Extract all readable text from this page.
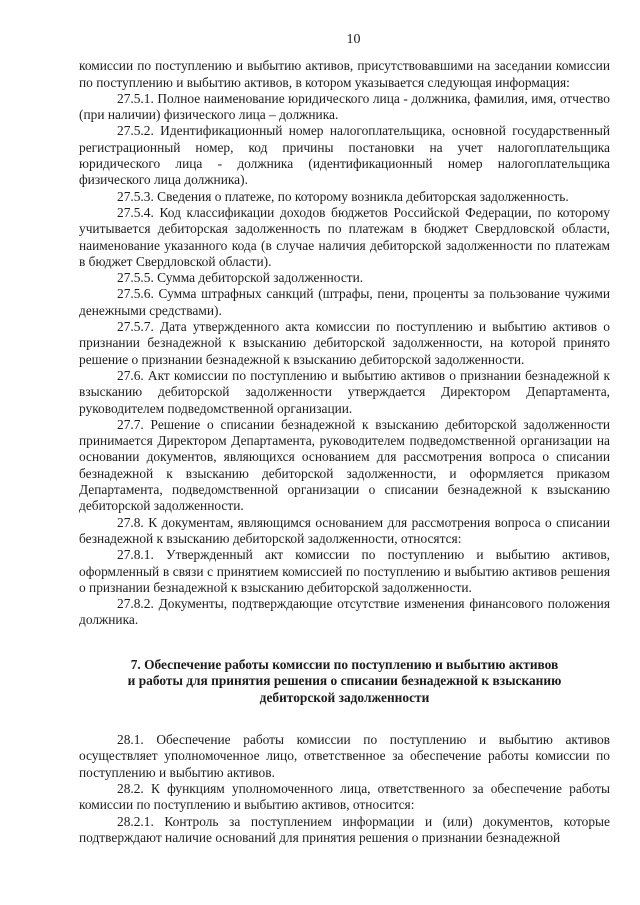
10

комиссии по поступлению и выбытию активов, присутствовавшими на заседании комиссии по поступлению и выбытию активов, в котором указывается следующая информация:

27.5.1. Полное наименование юридического лица - должника, фамилия, имя, отчество (при наличии) физического лица – должника.

27.5.2. Идентификационный номер налогоплательщика, основной государственный регистрационный номер, код причины постановки на учет налогоплательщика юридического лица - должника (идентификационный номер налогоплательщика физического лица должника).

27.5.3. Сведения о платеже, по которому возникла дебиторская задолженность.

27.5.4. Код классификации доходов бюджетов Российской Федерации, по которому учитывается дебиторская задолженность по платежам в бюджет Свердловской области, наименование указанного кода (в случае наличия дебиторской задолженности по платежам в бюджет Свердловской области).

27.5.5. Сумма дебиторской задолженности.

27.5.6. Сумма штрафных санкций (штрафы, пени, проценты за пользование чужими денежными средствами).

27.5.7. Дата утвержденного акта комиссии по поступлению и выбытию активов о признании безнадежной к взысканию дебиторской задолженности, на которой принято решение о признании безнадежной к взысканию дебиторской задолженности.

27.6. Акт комиссии по поступлению и выбытию активов о признании безнадежной к взысканию дебиторской задолженности утверждается Директором Департамента, руководителем подведомственной организации.

27.7. Решение о списании безнадежной к взысканию дебиторской задолженности принимается Директором Департамента, руководителем подведомственной организации на основании документов, являющихся основанием для рассмотрения вопроса о списании безнадежной к взысканию дебиторской задолженности, и оформляется приказом Департамента, подведомственной организации о списании безнадежной к взысканию дебиторской задолженности.

27.8. К документам, являющимся основанием для рассмотрения вопроса о списании безнадежной к взысканию дебиторской задолженности, относятся:

27.8.1. Утвержденный акт комиссии по поступлению и выбытию активов, оформленный в связи с принятием комиссией по поступлению и выбытию активов решения о признании безнадежной к взысканию дебиторской задолженности.

27.8.2. Документы, подтверждающие отсутствие изменения финансового положения должника.

7. Обеспечение работы комиссии по поступлению и выбытию активов
и работы для принятия решения о списании безнадежной к взысканию
дебиторской задолженности

28.1. Обеспечение работы комиссии по поступлению и выбытию активов осуществляет уполномоченное лицо, ответственное за обеспечение работы комиссии по поступлению и выбытию активов.

28.2. К функциям уполномоченного лица, ответственного за обеспечение работы комиссии по поступлению и выбытию активов, относится:

28.2.1. Контроль за поступлением информации и (или) документов, которые подтверждают наличие оснований для принятия решения о признании безнадежной
